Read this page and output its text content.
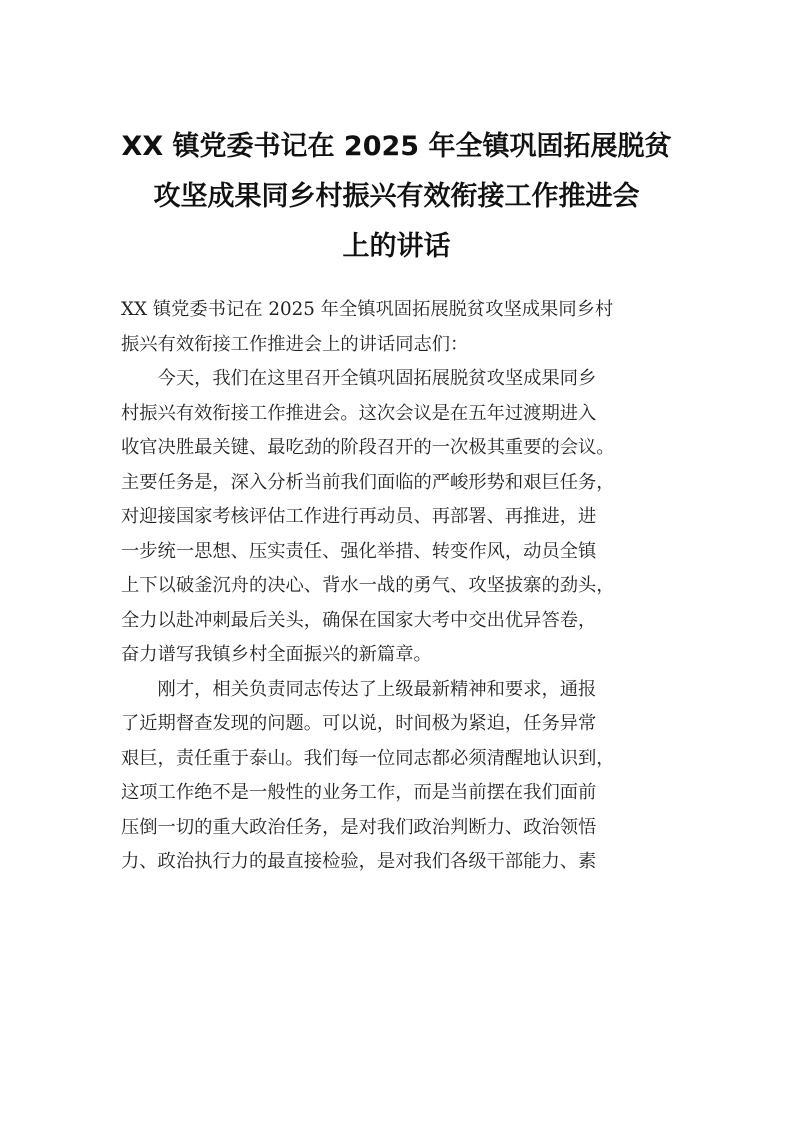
XX 镇党委书记在 2025 年全镇巩固拓展脱贫
攻坚成果同乡村振兴有效衔接工作推进会
上的讲话
XX 镇党委书记在 2025 年全镇巩固拓展脱贫攻坚成果同乡村
振兴有效衔接工作推进会上的讲话同志们：
　　今天，我们在这里召开全镇巩固拓展脱贫攻坚成果同乡
村振兴有效衔接工作推进会。这次会议是在五年过渡期进入
收官决胜最关键、最吃劲的阶段召开的一次极其重要的会议。
主要任务是，深入分析当前我们面临的严峻形势和艰巨任务，
对迎接国家考核评估工作进行再动员、再部署、再推进，进
一步统一思想、压实责任、强化举措、转变作风，动员全镇
上下以破釜沉舟的决心、背水一战的勇气、攻坚拔寨的劲头，
全力以赴冲刺最后关头，确保在国家大考中交出优异答卷，
奋力谱写我镇乡村全面振兴的新篇章。
　　刚才，相关负责同志传达了上级最新精神和要求，通报
了近期督查发现的问题。可以说，时间极为紧迫，任务异常
艰巨，责任重于泰山。我们每一位同志都必须清醒地认识到，
这项工作绝不是一般性的业务工作，而是当前摆在我们面前
压倒一切的重大政治任务，是对我们政治判断力、政治领悟
力、政治执行力的最直接检验，是对我们各级干部能力、素
